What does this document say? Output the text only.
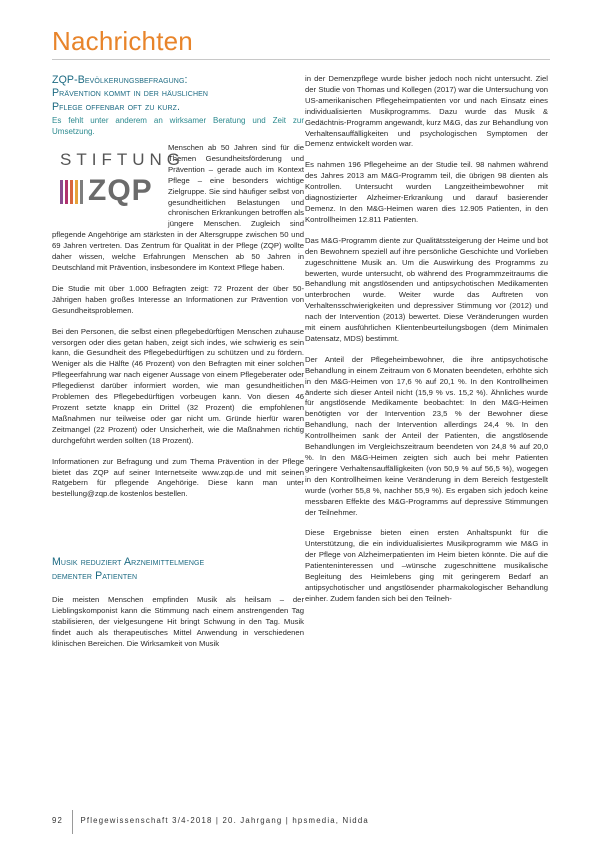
Nachrichten
ZQP-Bevölkerungsbefragung:
Prävention kommt in der häuslichen
Pflege offenbar oft zu kurz.
Es fehlt unter anderem an wirksamer Beratung und Zeit zur Umsetzung.
STIFTUNG
ZQP

Menschen ab 50 Jahren sind für die Themen Gesundheitsförderung und Prävention – gerade auch im Kontext Pflege – eine besonders wichtige Zielgruppe. Sie sind häufiger selbst von gesundheitlichen Belastungen und chronischen Erkrankungen betroffen als jüngere Menschen. Zugleich sind pflegende Angehörige am stärksten in der Altersgruppe zwischen 50 und 69 Jahren vertreten. Das Zentrum für Qualität in der Pflege (ZQP) wollte daher wissen, welche Erfahrungen Menschen ab 50 Jahren in Deutschland mit Prävention, insbesondere im Kontext Pflege haben.

Die Studie mit über 1.000 Befragten zeigt: 72 Prozent der über 50-Jährigen haben großes Interesse an Informationen zur Prävention von Gesundheitsproblemen.

Bei den Personen, die selbst einen pflegebedürftigen Menschen zuhause versorgen oder dies getan haben, zeigt sich indes, wie schwierig es sein kann, die Gesundheit des Pflegebedürftigen zu schützen und zu fördern. Weniger als die Hälfte (46 Prozent) von den Befragten mit einer solchen Pflegeerfahrung war nach eigener Aussage von einem Pflegeberater oder Pflegedienst darüber informiert worden, wie man gesundheitlichen Problemen des Pflegebedürftigen vorbeugen kann. Von diesen 46 Prozent setzte knapp ein Drittel (32 Prozent) die empfohlenen Maßnahmen nur teilweise oder gar nicht um. Gründe hierfür waren Zeitmangel (22 Prozent) oder Unsicherheit, wie die Maßnahmen richtig durchgeführt werden sollten (18 Prozent).

Informationen zur Befragung und zum Thema Prävention in der Pflege bietet das ZQP auf seiner Internetseite www.zqp.de und mit seinen Ratgebern für pflegende Angehörige. Diese kann man unter bestellung@zqp.de kostenlos bestellen.

Musik reduziert Arzneimittelmenge
dementer Patienten

Die meisten Menschen empfinden Musik als heilsam – der Lieblingskomponist kann die Stimmung nach einem anstrengenden Tag stabilisieren, der vielgesungene Hit bringt Schwung in den Tag. Musik findet auch als therapeutisches Mittel Anwendung in verschiedenen klinischen Bereichen. Die Wirksamkeit von Musik

in der Demenzpflege wurde bisher jedoch noch nicht untersucht. Ziel der Studie von Thomas und Kollegen (2017) war die Untersuchung von US-amerikanischen Pflegeheimpatienten vor und nach Einsatz eines individualisierten Musikprogramms. Dazu wurde das Musik & Gedächtnis-Programm angewandt, kurz M&G, das zur Behandlung von Verhaltensauffälligkeiten und psychologischen Symptomen der Demenz entwickelt worden war.

Es nahmen 196 Pflegeheime an der Studie teil. 98 nahmen während des Jahres 2013 am M&G-Programm teil, die übrigen 98 dienten als Kontrollen. Untersucht wurden Langzeitheimbewohner mit diagnostizierter Alzheimer-Erkrankung und darauf basierender Demenz. In den M&G-Heimen waren dies 12.905 Patienten, in den Kontrollheimen 12.811 Patienten.

Das M&G-Programm diente zur Qualitätssteigerung der Heime und bot den Bewohnern speziell auf ihre persönliche Geschichte und Vorlieben zugeschnittene Musik an. Um die Auswirkung des Programms zu bewerten, wurde untersucht, ob während des Programmzeitraums die Behandlung mit angstlösenden und antipsychotischen Medikamenten unterbrochen wurde. Weiter wurde das Auftreten von Verhaltensschwierigkeiten und depressiver Stimmung vor (2012) und nach der Intervention (2013) bewertet. Diese Veränderungen wurden mit einem ausführlichen Klientenbeurteilungsbogen (dem Minimalen Datensatz, MDS) bestimmt.

Der Anteil der Pflegeheimbewohner, die ihre antipsychotische Behandlung in einem Zeitraum von 6 Monaten beendeten, erhöhte sich in den M&G-Heimen von 17,6 % auf 20,1 %. In den Kontrollheimen änderte sich dieser Anteil nicht (15,9 % vs. 15,2 %). Ähnliches wurde für angstlösende Medikamente beobachtet: In den M&G-Heimen benötigten vor der Intervention 23,5 % der Bewohner diese Behandlung, nach der Intervention allerdings 24,4 %. In den Kontrollheimen sank der Anteil der Patienten, die angstlösende Behandlungen im Vergleichszeitraum beendeten von 24,8 % auf 20,0 %. In den M&G-Heimen zeigten sich auch bei mehr Patienten geringere Verhaltensauffälligkeiten (von 50,9 % auf 56,5 %), wogegen in den Kontrollheimen keine Veränderung in dem Bereich festgestellt wurde (vorher 55,8 %, nachher 55,9 %). Es ergaben sich jedoch keine messbaren Effekte des M&G-Programms auf depressive Stimmungen der Teilnehmer.

Diese Ergebnisse bieten einen ersten Anhaltspunkt für die Unterstützung, die ein individualisiertes Musikprogramm wie M&G in der Pflege von Alzheimerpatienten im Heim bieten könnte. Die auf die Patienteninteressen und –wünsche zugeschnittene musikalische Begleitung des Heimlebens ging mit geringerem Bedarf an antipsychotischer und angstlösender pharmakologischer Behandlung einher. Zudem fanden sich bei den Teilneh-

92 Pflegewissenschaft 3/4-2018 | 20. Jahrgang | hpsmedia, Nidda
